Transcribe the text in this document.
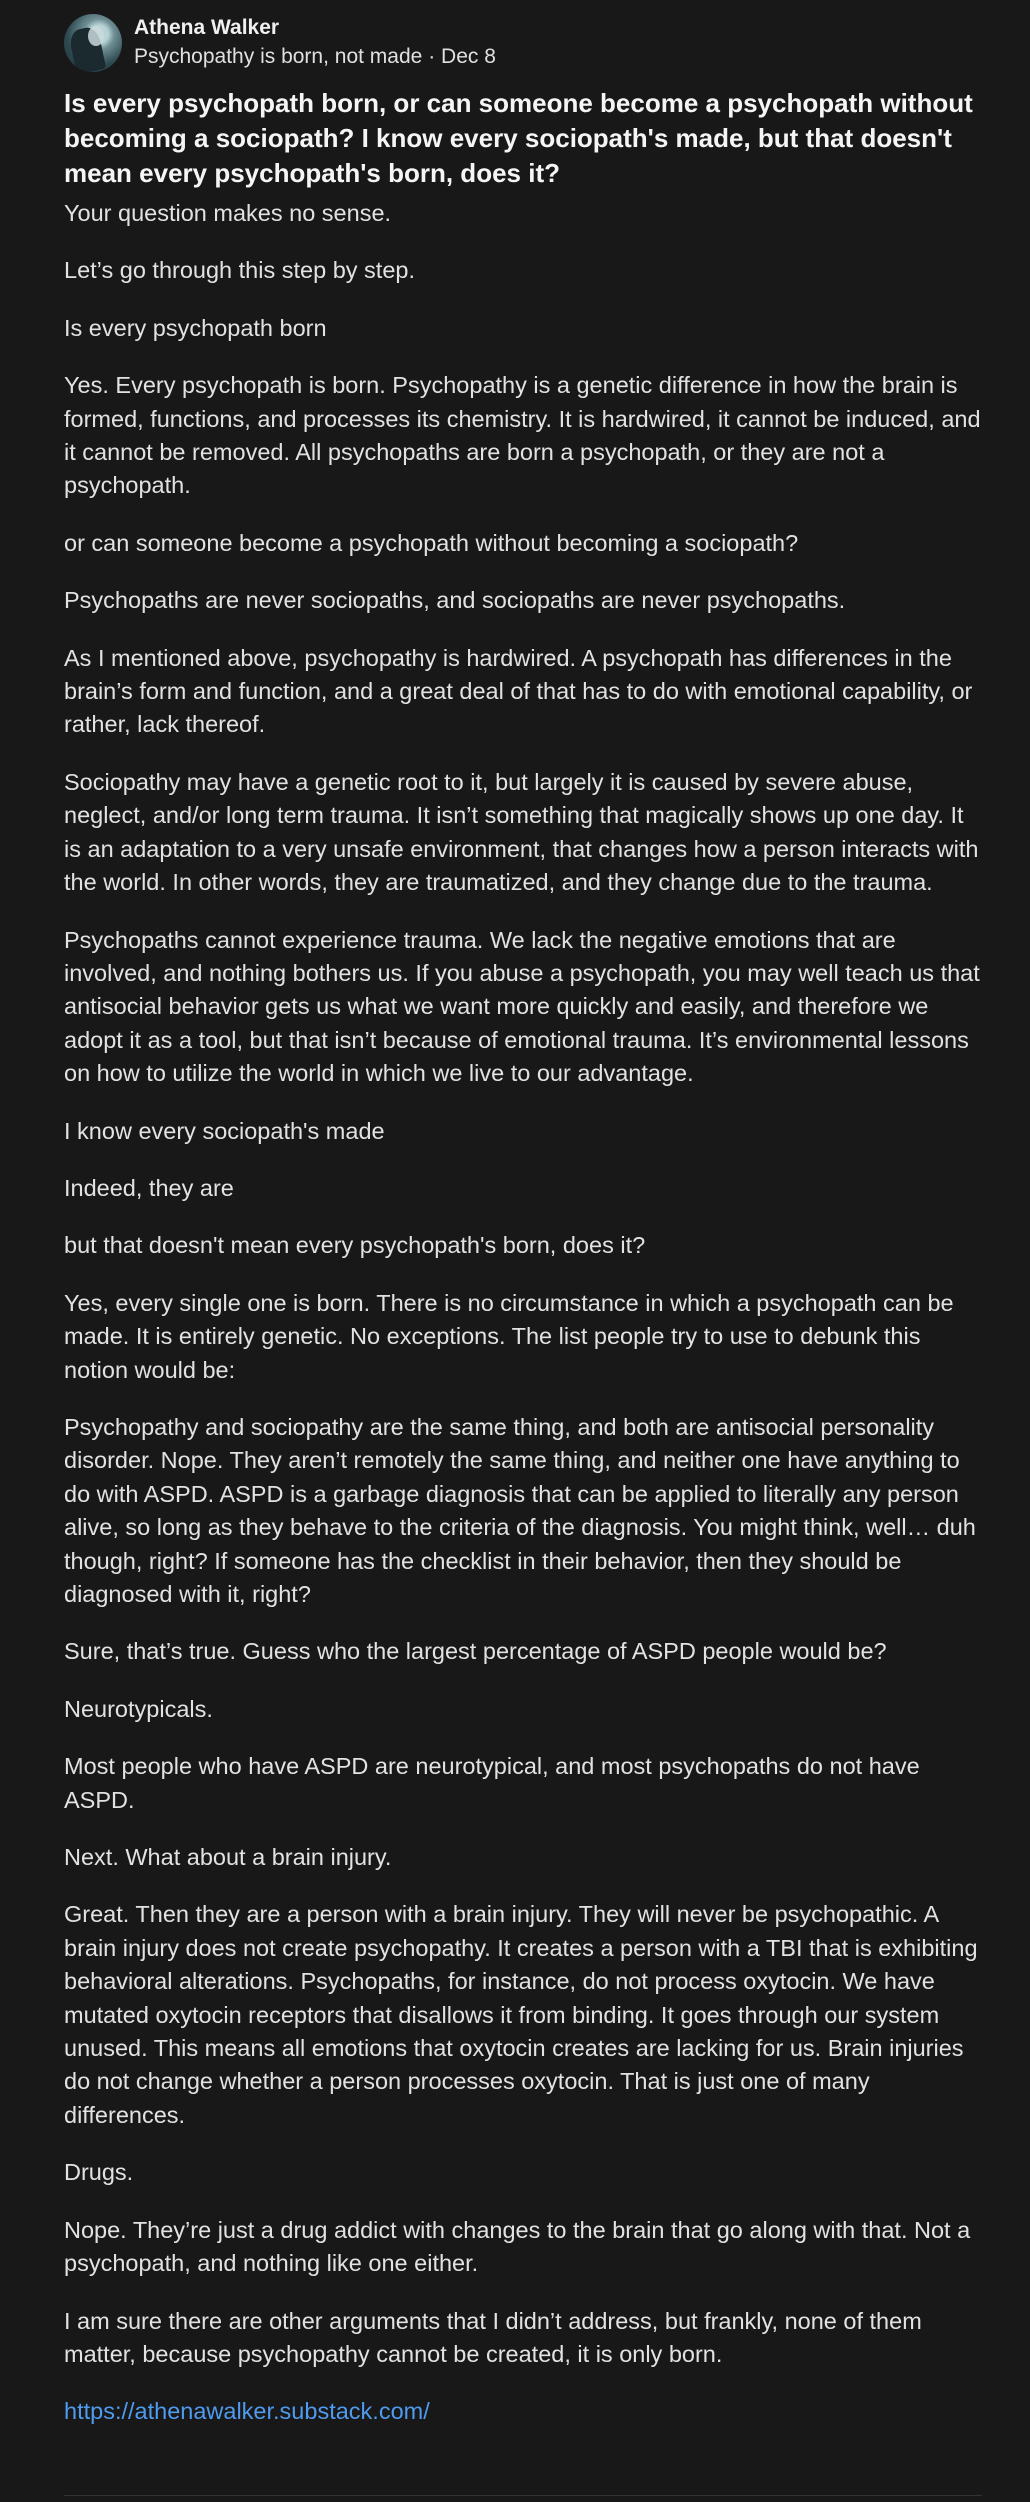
Athena Walker
Psychopathy is born, not made · Dec 8
Is every psychopath born, or can someone become a psychopath without becoming a sociopath? I know every sociopath's made, but that doesn't mean every psychopath's born, does it?

Your question makes no sense.

Let’s go through this step by step.

Is every psychopath born

Yes. Every psychopath is born. Psychopathy is a genetic difference in how the brain is formed, functions, and processes its chemistry. It is hardwired, it cannot be induced, and it cannot be removed. All psychopaths are born a psychopath, or they are not a psychopath.

or can someone become a psychopath without becoming a sociopath?

Psychopaths are never sociopaths, and sociopaths are never psychopaths.

As I mentioned above, psychopathy is hardwired. A psychopath has differences in the brain’s form and function, and a great deal of that has to do with emotional capability, or rather, lack thereof.

Sociopathy may have a genetic root to it, but largely it is caused by severe abuse, neglect, and/or long term trauma. It isn’t something that magically shows up one day. It is an adaptation to a very unsafe environment, that changes how a person interacts with the world. In other words, they are traumatized, and they change due to the trauma.

Psychopaths cannot experience trauma. We lack the negative emotions that are involved, and nothing bothers us. If you abuse a psychopath, you may well teach us that antisocial behavior gets us what we want more quickly and easily, and therefore we adopt it as a tool, but that isn’t because of emotional trauma. It’s environmental lessons on how to utilize the world in which we live to our advantage.

I know every sociopath's made

Indeed, they are

but that doesn't mean every psychopath's born, does it?

Yes, every single one is born. There is no circumstance in which a psychopath can be made. It is entirely genetic. No exceptions. The list people try to use to debunk this notion would be:

Psychopathy and sociopathy are the same thing, and both are antisocial personality disorder. Nope. They aren’t remotely the same thing, and neither one have anything to do with ASPD. ASPD is a garbage diagnosis that can be applied to literally any person alive, so long as they behave to the criteria of the diagnosis. You might think, well… duh though, right? If someone has the checklist in their behavior, then they should be diagnosed with it, right?

Sure, that’s true. Guess who the largest percentage of ASPD people would be?

Neurotypicals.

Most people who have ASPD are neurotypical, and most psychopaths do not have ASPD.

Next. What about a brain injury.

Great. Then they are a person with a brain injury. They will never be psychopathic. A brain injury does not create psychopathy. It creates a person with a TBI that is exhibiting behavioral alterations. Psychopaths, for instance, do not process oxytocin. We have mutated oxytocin receptors that disallows it from binding. It goes through our system unused. This means all emotions that oxytocin creates are lacking for us. Brain injuries do not change whether a person processes oxytocin. That is just one of many differences.

Drugs.

Nope. They’re just a drug addict with changes to the brain that go along with that. Not a psychopath, and nothing like one either.

I am sure there are other arguments that I didn’t address, but frankly, none of them matter, because psychopathy cannot be created, it is only born.

https://athenawalker.substack.com/
